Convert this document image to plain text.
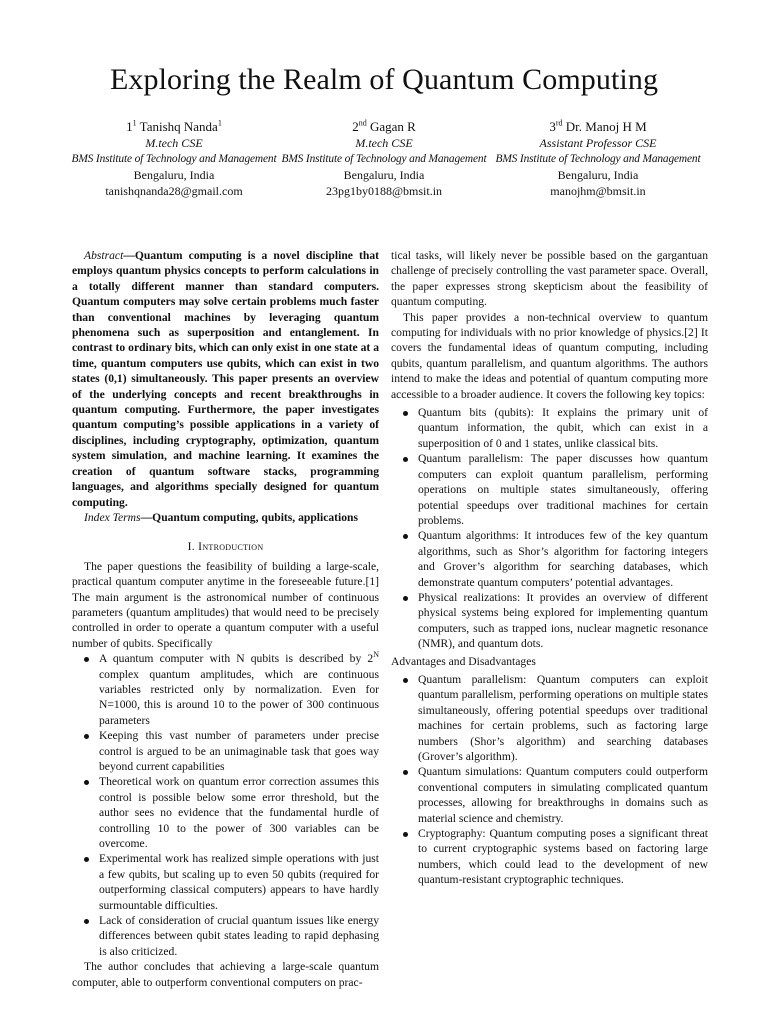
Exploring the Realm of Quantum Computing
$1^1$ Tanishq Nanda$^1$
M.tech CSE
BMS Institute of Technology and Management
Bengaluru, India
tanishqnanda28@gmail.com
2nd Gagan R
M.tech CSE
BMS Institute of Technology and Management
Bengaluru, India
23pg1by0188@bmsit.in
3rd Dr. Manoj H M
Assistant Professor CSE
BMS Institute of Technology and Management
Bengaluru, India
manojhm@bmsit.in

Abstract—Quantum computing is a novel discipline that employs quantum physics concepts to perform calculations in a totally different manner than standard computers. Quantum computers may solve certain problems much faster than conventional machines by leveraging quantum phenomena such as superposition and entanglement. In contrast to ordinary bits, which can only exist in one state at a time, quantum computers use qubits, which can exist in two states (0,1) simultaneously. This paper presents an overview of the underlying concepts and recent breakthroughs in quantum computing. Furthermore, the paper investigates quantum computing’s possible applications in a variety of disciplines, including cryptography, optimization, quantum system simulation, and machine learning. It examines the creation of quantum software stacks, programming languages, and algorithms specially designed for quantum computing.

Index Terms—Quantum computing, qubits, applications

I. Introduction

The paper questions the feasibility of building a large-scale, practical quantum computer anytime in the foreseeable future.[1] The main argument is the astronomical number of continuous parameters (quantum amplitudes) that would need to be precisely controlled in order to operate a quantum computer with a useful number of qubits. Specifically

A quantum computer with N qubits is described by $2^N$ complex quantum amplitudes, which are continuous variables restricted only by normalization. Even for N=1000, this is around 10 to the power of 300 continuous parameters
Keeping this vast number of parameters under precise control is argued to be an unimaginable task that goes way beyond current capabilities
Theoretical work on quantum error correction assumes this control is possible below some error threshold, but the author sees no evidence that the fundamental hurdle of controlling 10 to the power of 300 variables can be overcome.
Experimental work has realized simple operations with just a few qubits, but scaling up to even 50 qubits (required for outperforming classical computers) appears to have hardly surmountable difficulties.
Lack of consideration of crucial quantum issues like energy differences between qubit states leading to rapid dephasing is also criticized.

The author concludes that achieving a large-scale quantum computer, able to outperform conventional computers on prac-

tical tasks, will likely never be possible based on the gargantuan challenge of precisely controlling the vast parameter space. Overall, the paper expresses strong skepticism about the feasibility of quantum computing.

This paper provides a non-technical overview to quantum computing for individuals with no prior knowledge of physics.[2] It covers the fundamental ideas of quantum computing, including qubits, quantum parallelism, and quantum algorithms. The authors intend to make the ideas and potential of quantum computing more accessible to a broader audience. It covers the following key topics:

Quantum bits (qubits): It explains the primary unit of quantum information, the qubit, which can exist in a superposition of 0 and 1 states, unlike classical bits.
Quantum parallelism: The paper discusses how quantum computers can exploit quantum parallelism, performing operations on multiple states simultaneously, offering potential speedups over traditional machines for certain problems.
Quantum algorithms: It introduces few of the key quantum algorithms, such as Shor’s algorithm for factoring integers and Grover’s algorithm for searching databases, which demonstrate quantum computers’ potential advantages.
Physical realizations: It provides an overview of different physical systems being explored for implementing quantum computers, such as trapped ions, nuclear magnetic resonance (NMR), and quantum dots.

Advantages and Disadvantages

Quantum parallelism: Quantum computers can exploit quantum parallelism, performing operations on multiple states simultaneously, offering potential speedups over traditional machines for certain problems, such as factoring large numbers (Shor’s algorithm) and searching databases (Grover’s algorithm).
Quantum simulations: Quantum computers could outperform conventional computers in simulating complicated quantum processes, allowing for breakthroughs in domains such as material science and chemistry.
Cryptography: Quantum computing poses a significant threat to current cryptographic systems based on factoring large numbers, which could lead to the development of new quantum-resistant cryptographic techniques.
